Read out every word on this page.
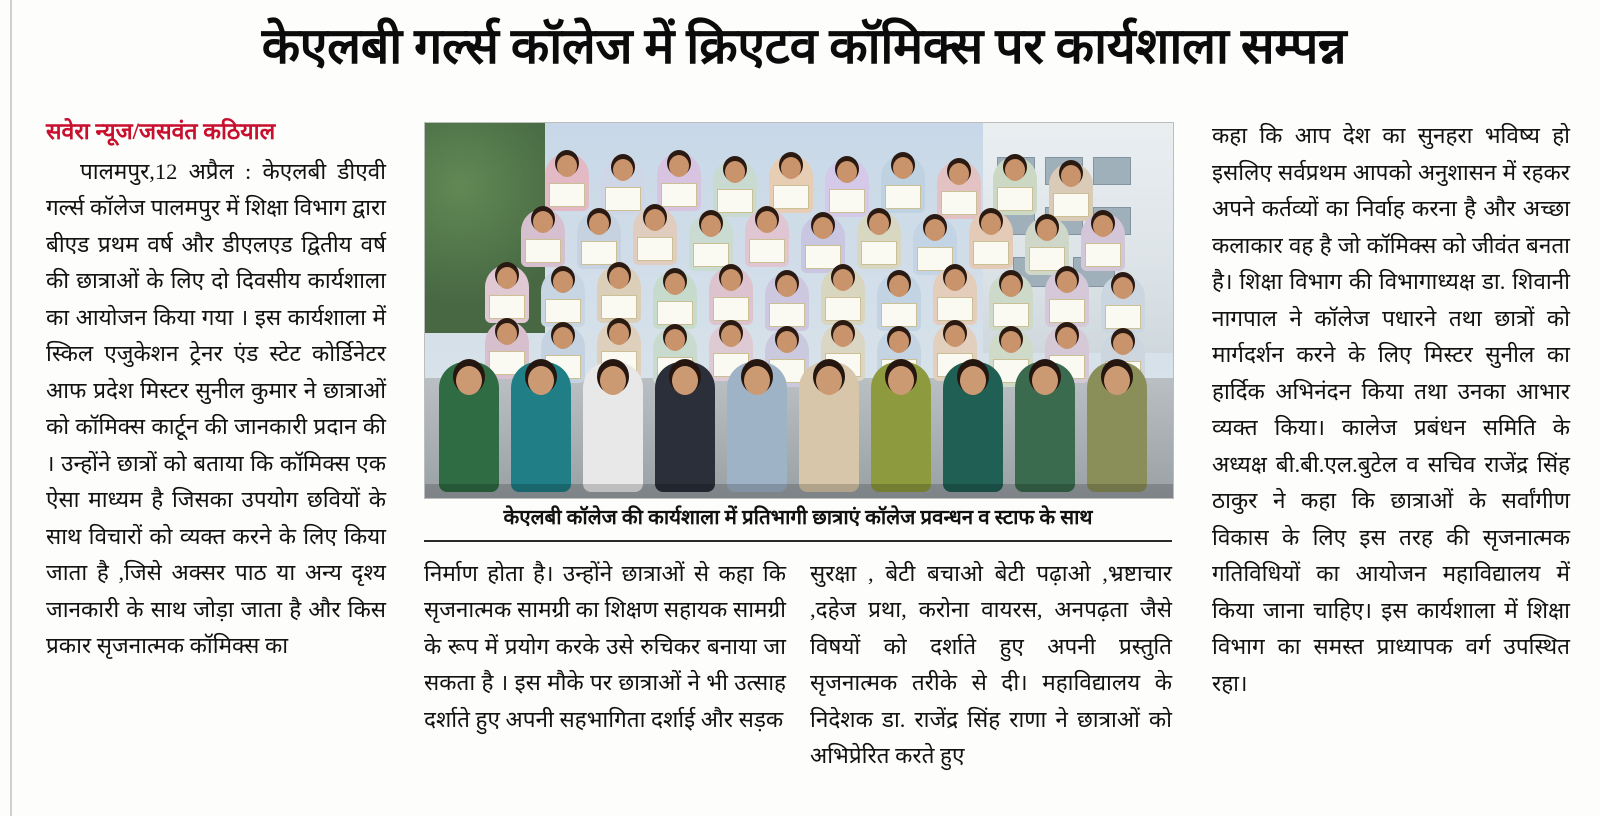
केएलबी गर्ल्स कॉलेज में क्रिएटव कॉमिक्स पर कार्यशाला सम्पन्न
सवेरा न्यूज/जसवंत कठियाल

पालमपुर,12 अप्रैल : केएलबी डीएवी गर्ल्स कॉलेज पालमपुर में शिक्षा विभाग द्वारा बीएड प्रथम वर्ष और डीएलएड द्वितीय वर्ष की छात्राओं के लिए दो दिवसीय कार्यशाला का आयोजन किया गया । इस कार्यशाला में स्किल एजुकेशन ट्रेनर एंड स्टेट कोर्डिनेटर आफ प्रदेश मिस्टर सुनील कुमार ने छात्राओं को कॉमिक्स कार्टून की जानकारी प्रदान की । उन्होंने छात्रों को बताया कि कॉमिक्स एक ऐसा माध्यम है जिसका उपयोग छवियों के साथ विचारों को व्यक्त करने के लिए किया जाता है ,जिसे अक्सर पाठ या अन्य दृश्य जानकारी के साथ जोड़ा जाता है और किस प्रकार सृजनात्मक कॉमिक्स का

कहा कि आप देश का सुनहरा भविष्य हो इसलिए सर्वप्रथम आपको अनुशासन में रहकर अपने कर्तव्यों का निर्वाह करना है और अच्छा कलाकार वह है जो कॉमिक्स को जीवंत बनता है। शिक्षा विभाग की विभागाध्यक्ष डा. शिवानी नागपाल ने कॉलेज पधारने तथा छात्रों को मार्गदर्शन करने के लिए मिस्टर सुनील का हार्दिक अभिनंदन किया तथा उनका आभार व्यक्त किया। कालेज प्रबंधन समिति के अध्यक्ष बी.बी.एल.बुटेल व सचिव राजेंद्र सिंह ठाकुर ने कहा कि छात्राओं के सर्वांगीण विकास के लिए इस तरह की सृजनात्मक गतिविधियों का आयोजन महाविद्यालय में किया जाना चाहिए। इस कार्यशाला में शिक्षा विभाग का समस्त प्राध्यापक वर्ग उपस्थित रहा।

केएलबी कॉलेज की कार्यशाला में प्रतिभागी छात्राएं कॉलेज प्रवन्धन व स्टाफ के साथ

निर्माण होता है। उन्होंने छात्राओं से कहा कि सृजनात्मक सामग्री का शिक्षण सहायक सामग्री के रूप में प्रयोग करके उसे रुचिकर बनाया जा सकता है । इस मौके पर छात्राओं ने भी उत्साह दर्शाते हुए अपनी सहभागिता दर्शाई और सड़क

सुरक्षा , बेटी बचाओ बेटी पढ़ाओ ,भ्रष्टाचार ,दहेज प्रथा, करोना वायरस, अनपढ़ता जैसे विषयों को दर्शाते हुए अपनी प्रस्तुति सृजनात्मक तरीके से दी। महाविद्यालय के निदेशक डा. राजेंद्र सिंह राणा ने छात्राओं को अभिप्रेरित करते हुए
